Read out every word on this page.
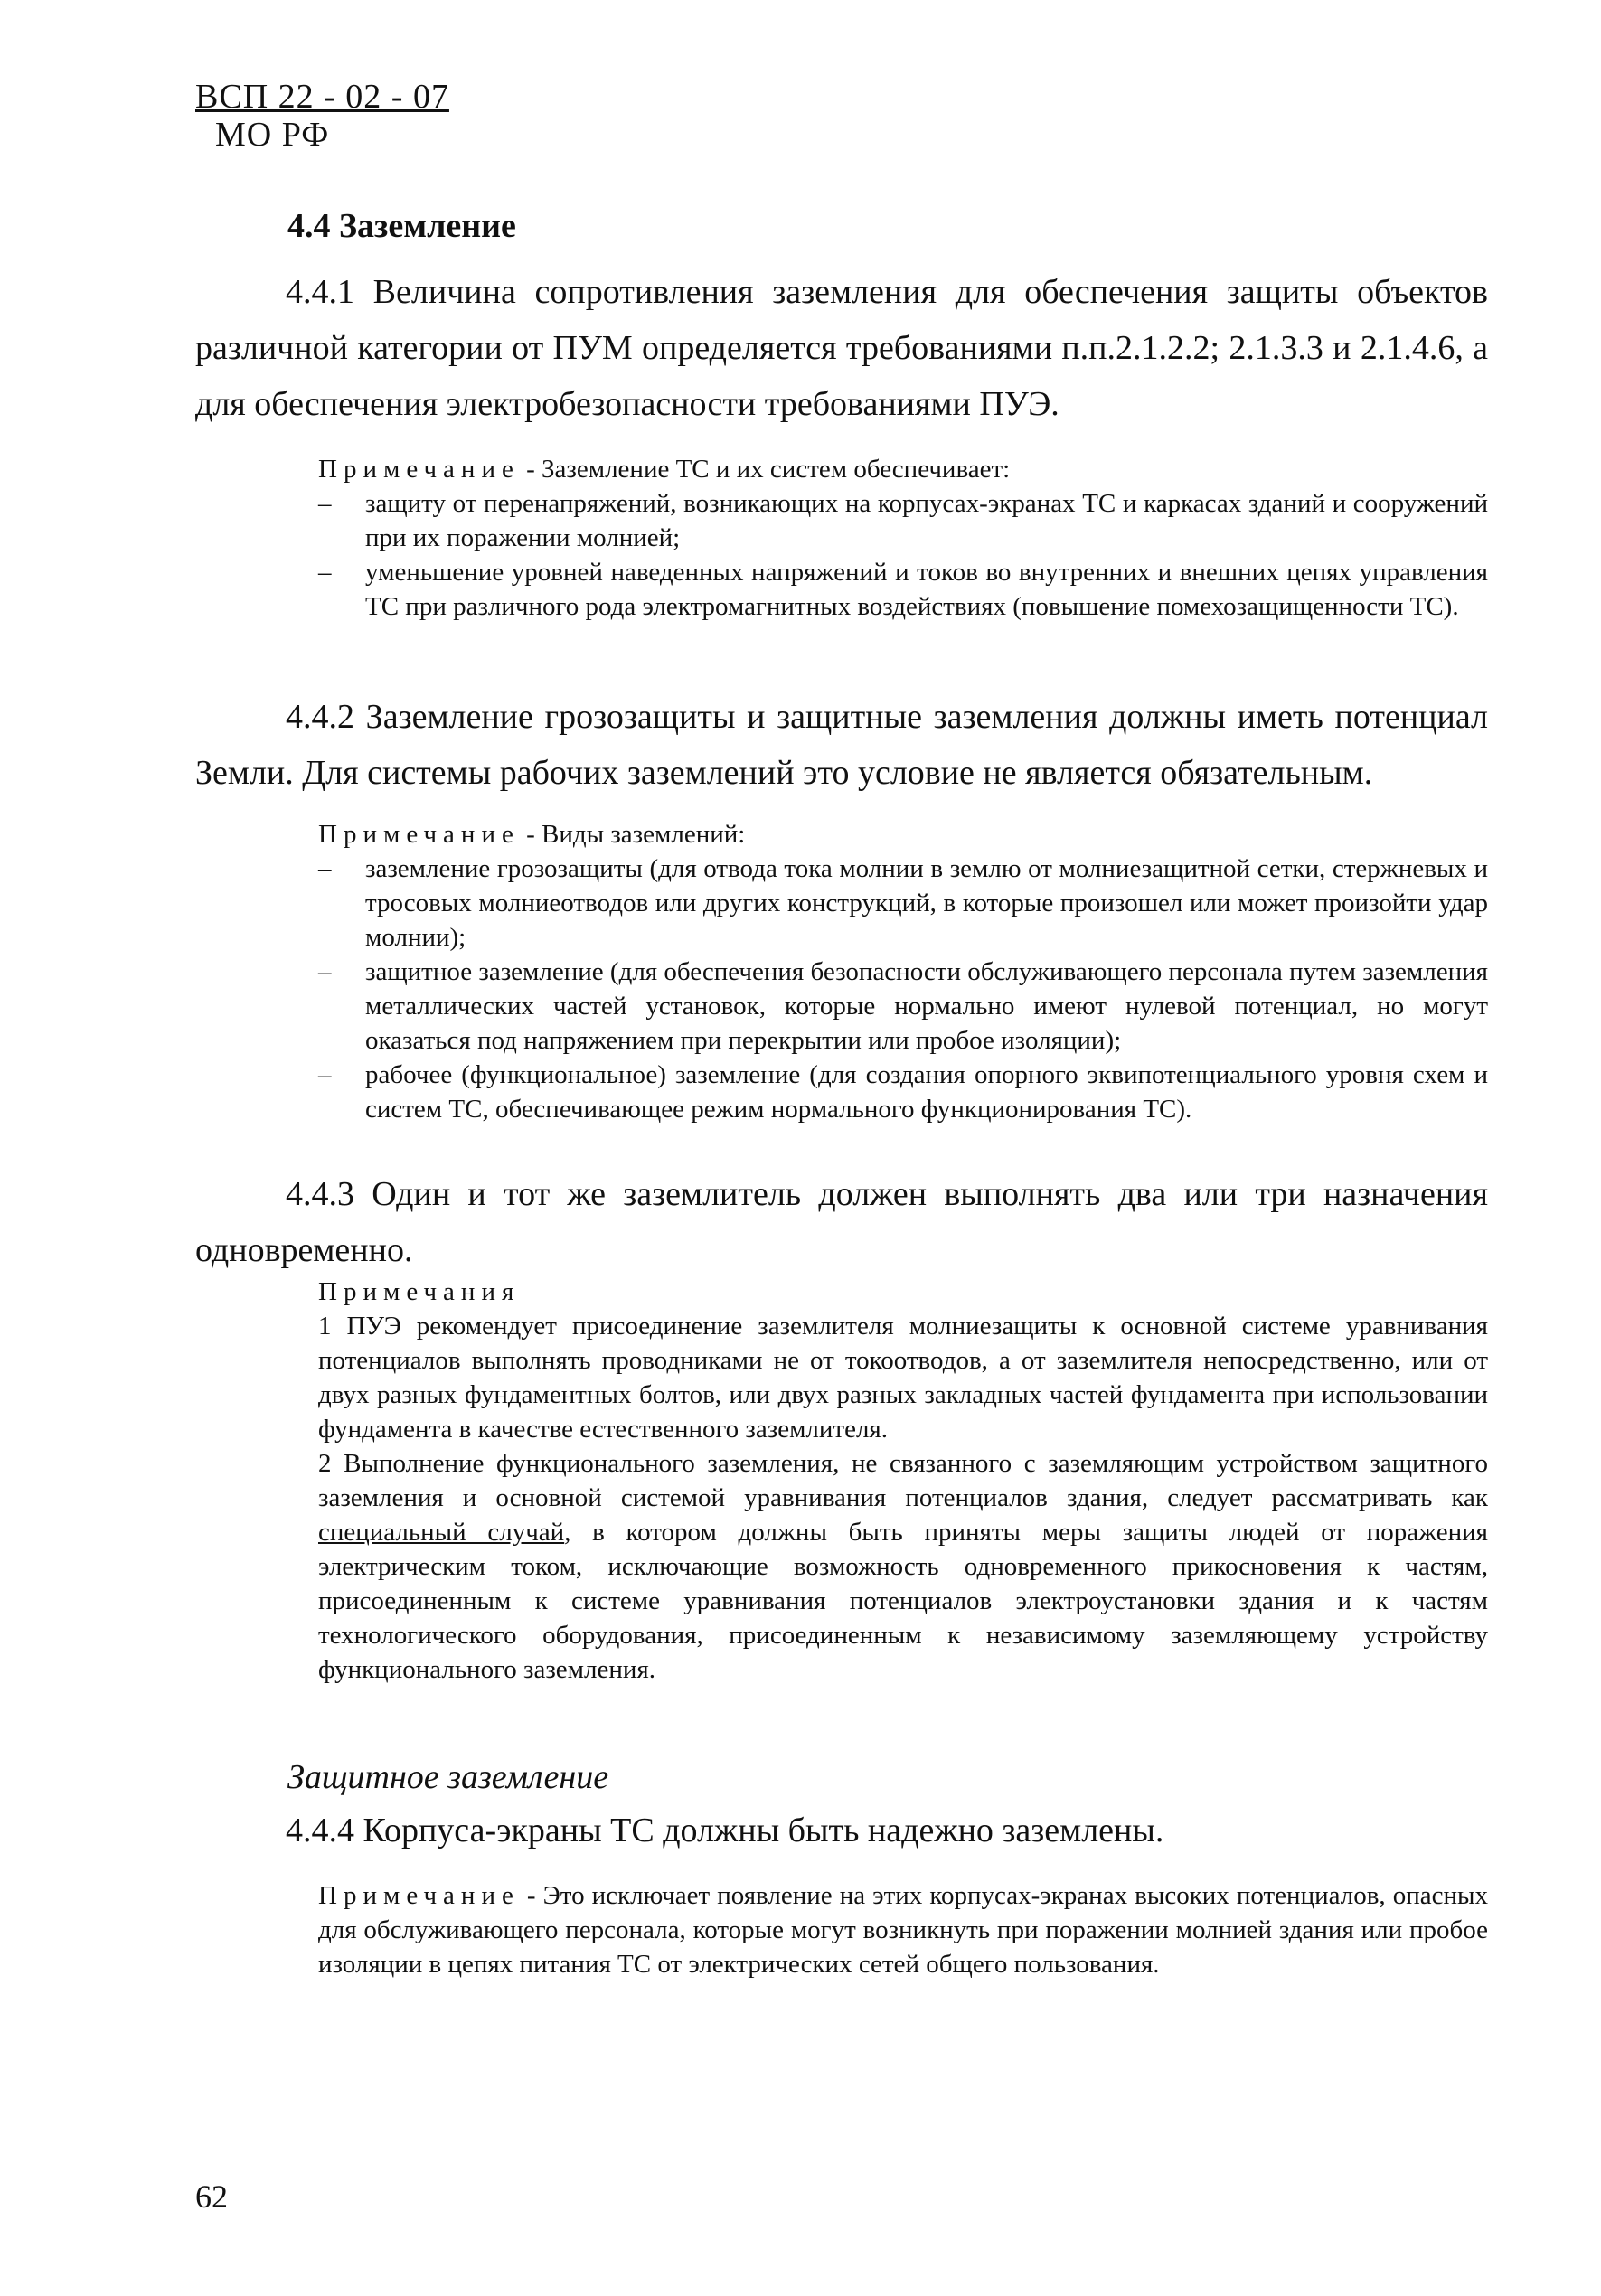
ВСП 22 - 02 - 07
МО РФ
4.4 Заземление

4.4.1 Величина сопротивления заземления для обеспечения защиты объектов различной категории от ПУМ определяется требованиями п.п.2.1.2.2; 2.1.3.3 и 2.1.4.6, а для обеспечения электробезопасности требованиями ПУЭ.

Примечание - Заземление ТС и их систем обеспечивает:

– защиту от перенапряжений, возникающих на корпусах-экранах ТС и каркасах зданий и сооружений при их поражении молнией;
– уменьшение уровней наведенных напряжений и токов во внутренних и внешних цепях управления ТС при различного рода электромагнитных воздействиях (повышение помехозащищенности ТС).

4.4.2 Заземление грозозащиты и защитные заземления должны иметь потенциал Земли. Для системы рабочих заземлений это условие не является обязательным.

Примечание - Виды заземлений:

– заземление грозозащиты (для отвода тока молнии в землю от молниезащитной сетки, стержневых и тросовых молниеотводов или других конструкций, в которые произошел или может произойти удар молнии);
– защитное заземление (для обеспечения безопасности обслуживающего персонала путем заземления металлических частей установок, которые нормально имеют нулевой потенциал, но могут оказаться под напряжением при перекрытии или пробое изоляции);
– рабочее (функциональное) заземление (для создания опорного эквипотенциального уровня схем и систем ТС, обеспечивающее режим нормального функционирования ТС).

4.4.3 Один и тот же заземлитель должен выполнять два или три назначения одновременно.

Примечания

1 ПУЭ рекомендует присоединение заземлителя молниезащиты к основной системе уравнивания потенциалов выполнять проводниками не от токоотводов, а от заземлителя непосредственно, или от двух разных фундаментных болтов, или двух разных закладных частей фундамента при использовании фундамента в качестве естественного заземлителя.

2 Выполнение функционального заземления, не связанного с заземляющим устройством защитного заземления и основной системой уравнивания потенциалов здания, следует рассматривать как специальный случай, в котором должны быть приняты меры защиты людей от поражения электрическим током, исключающие возможность одновременного прикосновения к частям, присоединенным к системе уравнивания потенциалов электроустановки здания и к частям технологического оборудования, присоединенным к независимому заземляющему устройству функционального заземления.

Защитное заземление

4.4.4 Корпуса-экраны ТС должны быть надежно заземлены.

Примечание - Это исключает появление на этих корпусах-экранах высоких потенциалов, опасных для обслуживающего персонала, которые могут возникнуть при поражении молнией здания или пробое изоляции в цепях питания ТС от электрических сетей общего пользования.

62
